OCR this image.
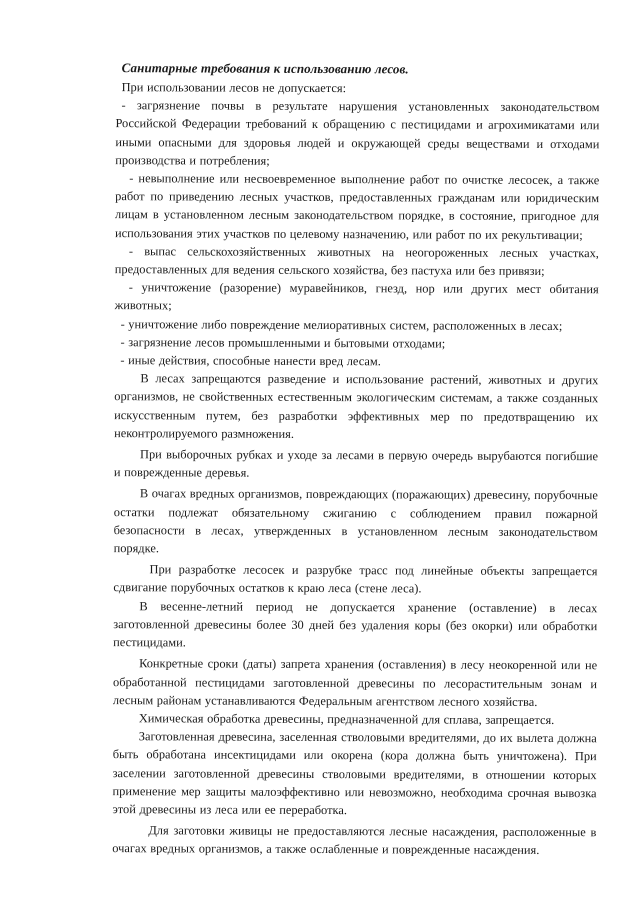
Санитарные требования к использованию лесов.

При использовании лесов не допускается:

- загрязнение почвы в результате нарушения установленных законодательством Российской Федерации требований к обращению с пестицидами и агрохимикатами или иными опасными для здоровья людей и окружающей среды веществами и отходами производства и потребления;

- невыполнение или несвоевременное выполнение работ по очистке лесосек, а также работ по приведению лесных участков, предоставленных гражданам или юридическим лицам в установленном лесным законодательством порядке, в состояние, пригодное для использования этих участков по целевому назначению, или работ по их рекультивации;

- выпас сельскохозяйственных животных на неогороженных лесных участках, предоставленных для ведения сельского хозяйства, без пастуха или без привязи;

- уничтожение (разорение) муравейников, гнезд, нор или других мест обитания животных;

- уничтожение либо повреждение мелиоративных систем, расположенных в лесах;

- загрязнение лесов промышленными и бытовыми отходами;

- иные действия, способные нанести вред лесам.

В лесах запрещаются разведение и использование растений, животных и других организмов, не свойственных естественным экологическим системам, а также созданных искусственным путем, без разработки эффективных мер по предотвращению их неконтролируемого размножения.

При выборочных рубках и уходе за лесами в первую очередь вырубаются погибшие и поврежденные деревья.

В очагах вредных организмов, повреждающих (поражающих) древесину, порубочные остатки подлежат обязательному сжиганию с соблюдением правил пожарной безопасности в лесах, утвержденных в установленном лесным законодательством порядке.

При разработке лесосек и разрубке трасс под линейные объекты запрещается сдвигание порубочных остатков к краю леса (стене леса).

В весенне-летний период не допускается хранение (оставление) в лесах заготовленной древесины более 30 дней без удаления коры (без окорки) или обработки пестицидами.

Конкретные сроки (даты) запрета хранения (оставления) в лесу неокоренной или не обработанной пестицидами заготовленной древесины по лесорастительным зонам и лесным районам устанавливаются Федеральным агентством лесного хозяйства.

Химическая обработка древесины, предназначенной для сплава, запрещается.

Заготовленная древесина, заселенная стволовыми вредителями, до их вылета должна быть обработана инсектицидами или окорена (кора должна быть уничтожена). При заселении заготовленной древесины стволовыми вредителями, в отношении которых применение мер защиты малоэффективно или невозможно, необходима срочная вывозка этой древесины из леса или ее переработка.

Для заготовки живицы не предоставляются лесные насаждения, расположенные в очагах вредных организмов, а также ослабленные и поврежденные насаждения.
